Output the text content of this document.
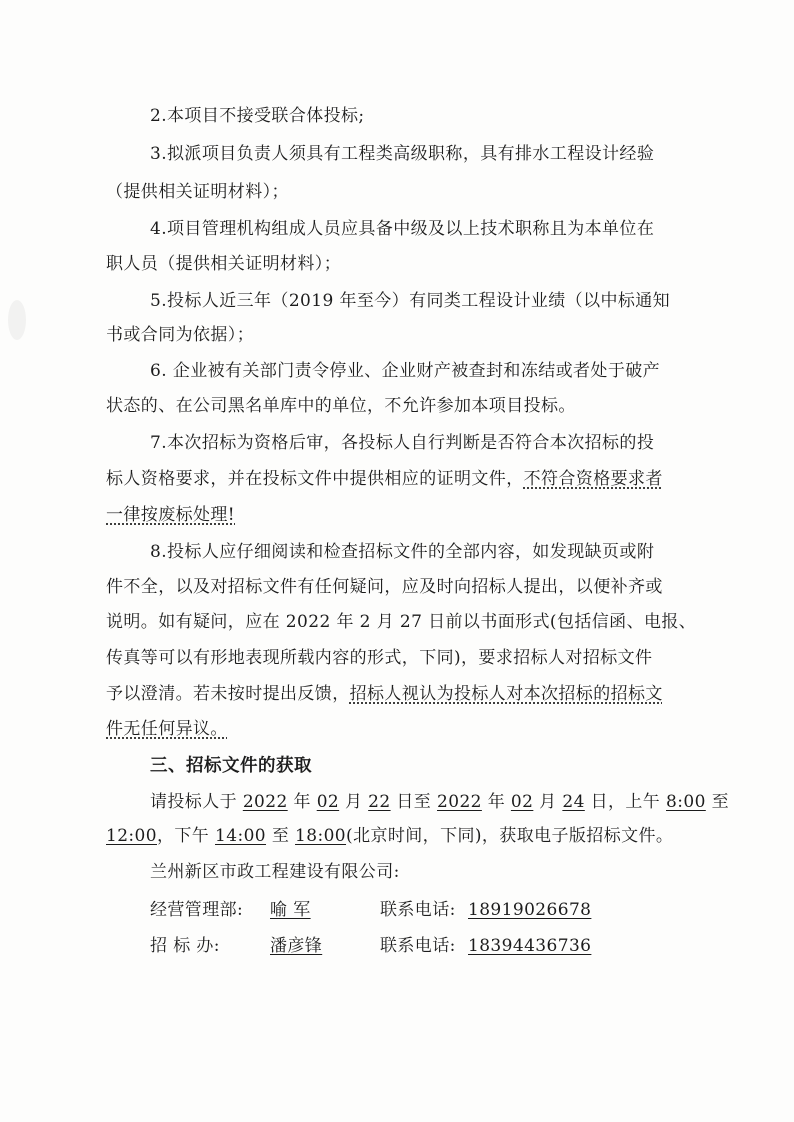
2.本项目不接受联合体投标;
3.拟派项目负责人须具有工程类高级职称，具有排水工程设计经验
（提供相关证明材料）；
4.项目管理机构组成人员应具备中级及以上技术职称且为本单位在
职人员（提供相关证明材料）；
5.投标人近三年（2019 年至今）有同类工程设计业绩（以中标通知
书或合同为依据）；
6. 企业被有关部门责令停业、企业财产被查封和冻结或者处于破产
状态的、在公司黑名单库中的单位，不允许参加本项目投标。
7.本次招标为资格后审，各投标人自行判断是否符合本次招标的投
标人资格要求，并在投标文件中提供相应的证明文件，不符合资格要求者
一律按废标处理!
8.投标人应仔细阅读和检查招标文件的全部内容，如发现缺页或附
件不全，以及对招标文件有任何疑问，应及时向招标人提出，以便补齐或
说明。如有疑问，应在 2022 年 2 月 27 日前以书面形式(包括信函、电报、
传真等可以有形地表现所载内容的形式，下同)，要求招标人对招标文件
予以澄清。若未按时提出反馈，招标人视认为投标人对本次招标的招标文
件无任何异议。
三、招标文件的获取
请投标人于 2022 年 02 月 22 日至 2022 年 02 月 24 日，上午 8:00 至
12:00，下午 14:00 至 18:00(北京时间，下同)，获取电子版招标文件。
兰州新区市政工程建设有限公司:
经营管理部: 喻 军	联系电话: 18919026678
招 标 办:	潘彦锋	联系电话: 18394436736
